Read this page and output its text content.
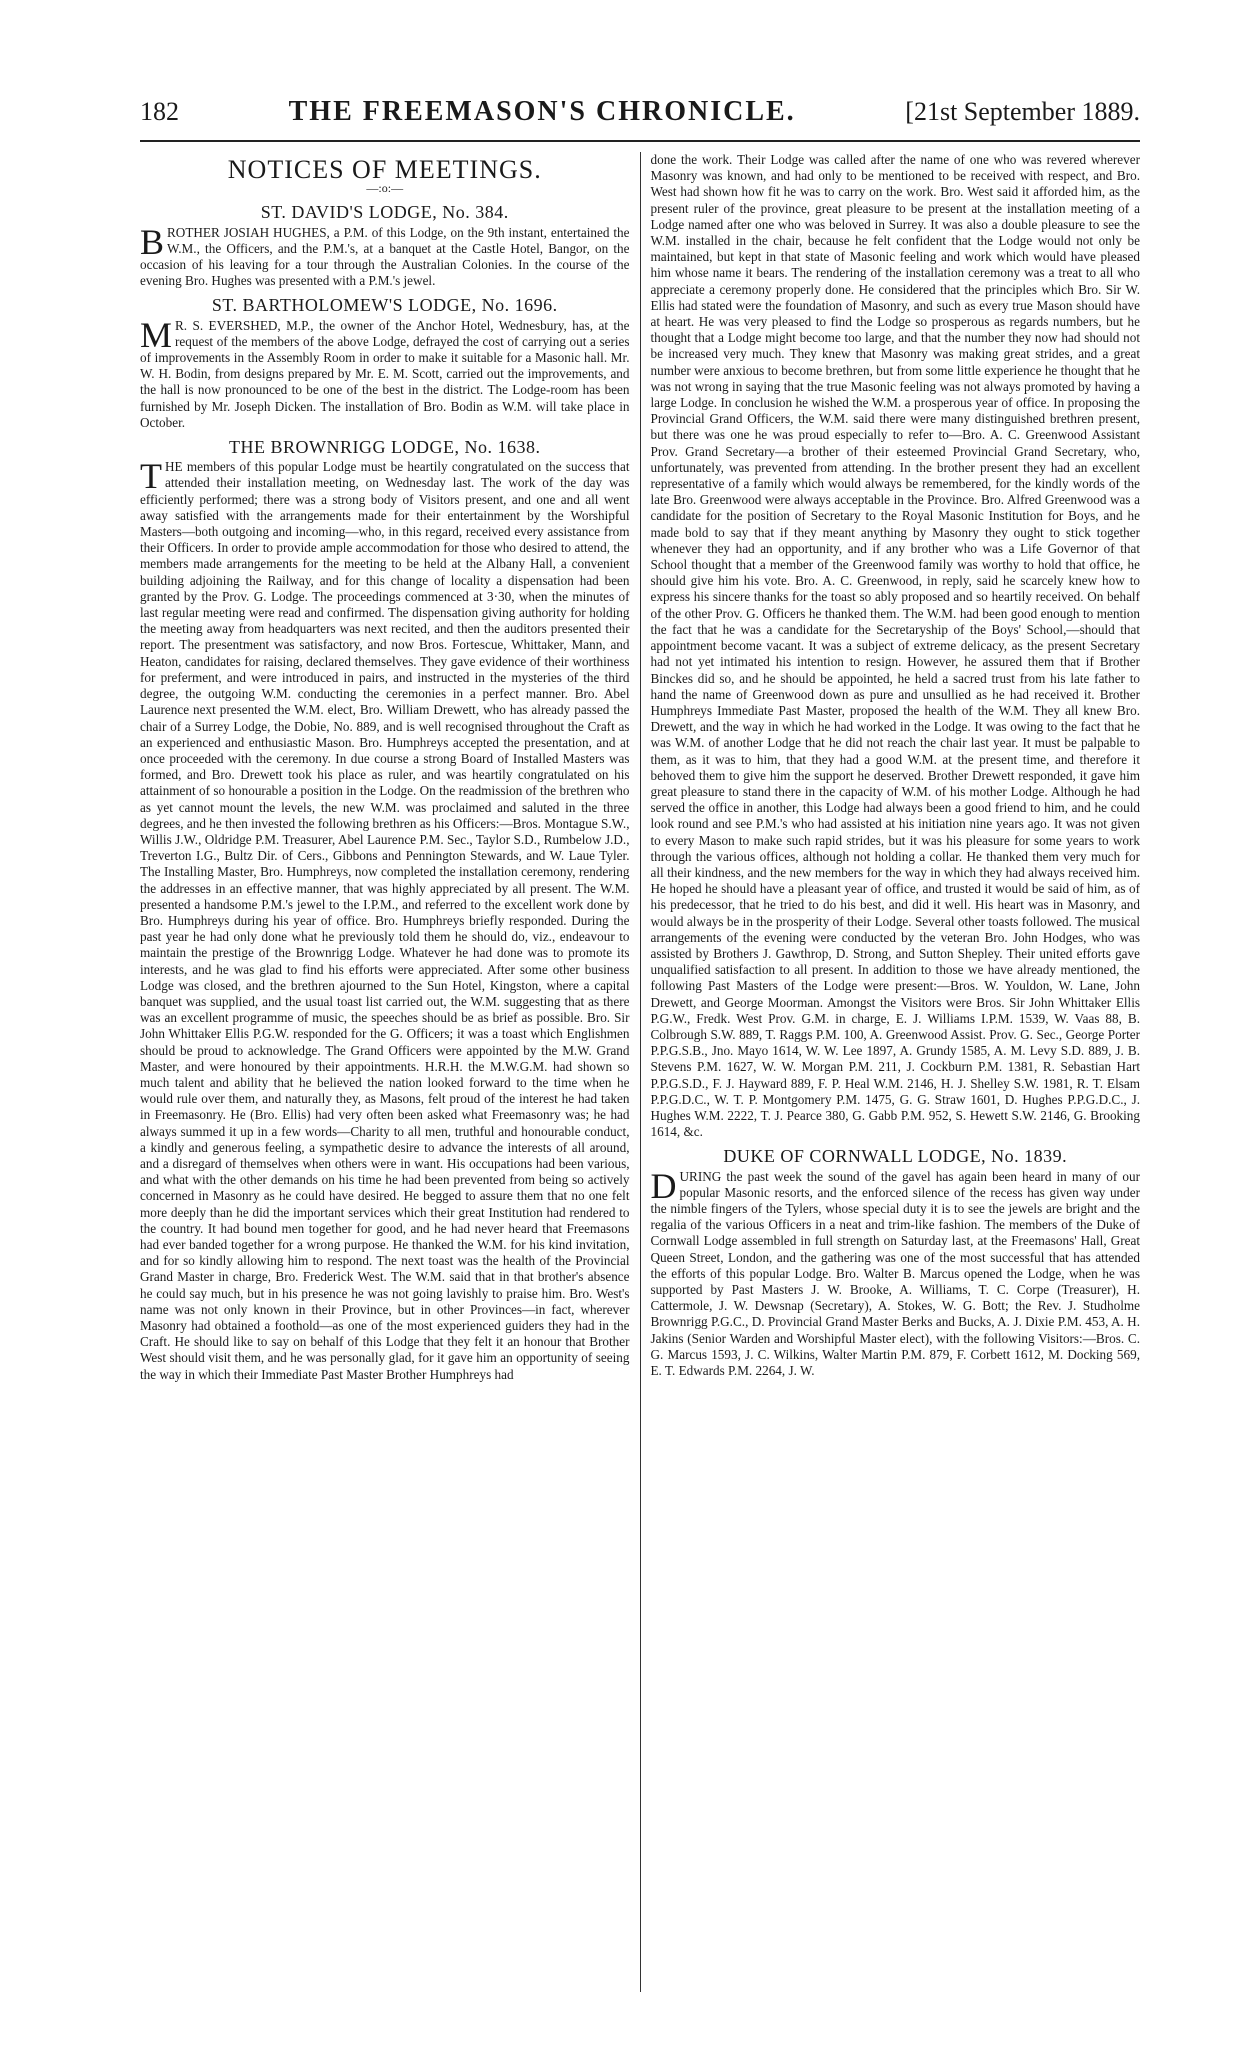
182	THE FREEMASON'S CHRONICLE.	[21st September 1889.
NOTICES OF MEETINGS.
—:o:—
ST. DAVID'S LODGE, No. 384.

BROTHER JOSIAH HUGHES, a P.M. of this Lodge, on the 9th instant, entertained the W.M., the Officers, and the P.M.'s, at a banquet at the Castle Hotel, Bangor, on the occasion of his leaving for a tour through the Australian Colonies. In the course of the evening Bro. Hughes was presented with a P.M.'s jewel.

ST. BARTHOLOMEW'S LODGE, No. 1696.

M R. S. EVERSHED, M.P., the owner of the Anchor Hotel, Wednesbury, has, at the request of the members of the above Lodge, defrayed the cost of carrying out a series of improvements in the Assembly Room in order to make it suitable for a Masonic hall. Mr. W. H. Bodin, from designs prepared by Mr. E. M. Scott, carried out the improvements, and the hall is now pronounced to be one of the best in the district. The Lodge-room has been furnished by Mr. Joseph Dicken. The installation of Bro. Bodin as W.M. will take place in October.

THE BROWNRIGG LODGE, No. 1638.

THE members of this popular Lodge must be heartily congratulated on the success that attended their installation meeting, on Wednesday last. The work of the day was efficiently performed; there was a strong body of Visitors present, and one and all went away satisfied with the arrangements made for their entertainment by the Worshipful Masters—both outgoing and incoming—who, in this regard, received every assistance from their Officers. In order to provide ample accommodation for those who desired to attend, the members made arrangements for the meeting to be held at the Albany Hall, a convenient building adjoining the Railway, and for this change of locality a dispensation had been granted by the Prov. G. Lodge. The proceedings commenced at 3·30, when the minutes of last regular meeting were read and confirmed. The dispensation giving authority for holding the meeting away from headquarters was next recited, and then the auditors presented their report. The presentment was satisfactory, and now Bros. Fortescue, Whittaker, Mann, and Heaton, candidates for raising, declared themselves. They gave evidence of their worthiness for preferment, and were introduced in pairs, and instructed in the mysteries of the third degree, the outgoing W.M. conducting the ceremonies in a perfect manner. Bro. Abel Laurence next presented the W.M. elect, Bro. William Drewett, who has already passed the chair of a Surrey Lodge, the Dobie, No. 889, and is well recognised throughout the Craft as an experienced and enthusiastic Mason. Bro. Humphreys accepted the presentation, and at once proceeded with the ceremony. In due course a strong Board of Installed Masters was formed, and Bro. Drewett took his place as ruler, and was heartily congratulated on his attainment of so honourable a position in the Lodge. On the readmission of the brethren who as yet cannot mount the levels, the new W.M. was proclaimed and saluted in the three degrees, and he then invested the following brethren as his Officers:—Bros. Montague S.W., Willis J.W., Oldridge P.M. Treasurer, Abel Laurence P.M. Sec., Taylor S.D., Rumbelow J.D., Treverton I.G., Bultz Dir. of Cers., Gibbons and Pennington Stewards, and W. Laue Tyler. The Installing Master, Bro. Humphreys, now completed the installation ceremony, rendering the addresses in an effective manner, that was highly appreciated by all present. The W.M. presented a handsome P.M.'s jewel to the I.P.M., and referred to the excellent work done by Bro. Humphreys during his year of office. Bro. Humphreys briefly responded. During the past year he had only done what he previously told them he should do, viz., endeavour to maintain the prestige of the Brownrigg Lodge. Whatever he had done was to promote its interests, and he was glad to find his efforts were appreciated. After some other business Lodge was closed, and the brethren ajourned to the Sun Hotel, Kingston, where a capital banquet was supplied, and the usual toast list carried out, the W.M. suggesting that as there was an excellent programme of music, the speeches should be as brief as possible. Bro. Sir John Whittaker Ellis P.G.W. responded for the G. Officers; it was a toast which Englishmen should be proud to acknowledge. The Grand Officers were appointed by the M.W. Grand Master, and were honoured by their appointments. H.R.H. the M.W.G.M. had shown so much talent and ability that he believed the nation looked forward to the time when he would rule over them, and naturally they, as Masons, felt proud of the interest he had taken in Freemasonry. He (Bro. Ellis) had very often been asked what Freemasonry was; he had always summed it up in a few words—Charity to all men, truthful and honourable conduct, a kindly and generous feeling, a sympathetic desire to advance the interests of all around, and a disregard of themselves when others were in want. His occupations had been various, and what with the other demands on his time he had been prevented from being so actively concerned in Masonry as he could have desired. He begged to assure them that no one felt more deeply than he did the important services which their great Institution had rendered to the country. It had bound men together for good, and he had never heard that Freemasons had ever banded together for a wrong purpose. He thanked the W.M. for his kind invitation, and for so kindly allowing him to respond. The next toast was the health of the Provincial Grand Master in charge, Bro. Frederick West. The W.M. said that in that brother's absence he could say much, but in his presence he was not going lavishly to praise him. Bro. West's name was not only known in their Province, but in other Provinces—in fact, wherever Masonry had obtained a foothold—as one of the most experienced guiders they had in the Craft. He should like to say on behalf of this Lodge that they felt it an honour that Brother West should visit them, and he was personally glad, for it gave him an opportunity of seeing the way in which their Immediate Past Master Brother Humphreys had

done the work. Their Lodge was called after the name of one who was revered wherever Masonry was known, and had only to be mentioned to be received with respect, and Bro. West had shown how fit he was to carry on the work. Bro. West said it afforded him, as the present ruler of the province, great pleasure to be present at the installation meeting of a Lodge named after one who was beloved in Surrey. It was also a double pleasure to see the W.M. installed in the chair, because he felt confident that the Lodge would not only be maintained, but kept in that state of Masonic feeling and work which would have pleased him whose name it bears. The rendering of the installation ceremony was a treat to all who appreciate a ceremony properly done. He considered that the principles which Bro. Sir W. Ellis had stated were the foundation of Masonry, and such as every true Mason should have at heart. He was very pleased to find the Lodge so prosperous as regards numbers, but he thought that a Lodge might become too large, and that the number they now had should not be increased very much. They knew that Masonry was making great strides, and a great number were anxious to become brethren, but from some little experience he thought that he was not wrong in saying that the true Masonic feeling was not always promoted by having a large Lodge. In conclusion he wished the W.M. a prosperous year of office. In proposing the Provincial Grand Officers, the W.M. said there were many distinguished brethren present, but there was one he was proud especially to refer to—Bro. A. C. Greenwood Assistant Prov. Grand Secretary—a brother of their esteemed Provincial Grand Secretary, who, unfortunately, was prevented from attending. In the brother present they had an excellent representative of a family which would always be remembered, for the kindly words of the late Bro. Greenwood were always acceptable in the Province. Bro. Alfred Greenwood was a candidate for the position of Secretary to the Royal Masonic Institution for Boys, and he made bold to say that if they meant anything by Masonry they ought to stick together whenever they had an opportunity, and if any brother who was a Life Governor of that School thought that a member of the Greenwood family was worthy to hold that office, he should give him his vote. Bro. A. C. Greenwood, in reply, said he scarcely knew how to express his sincere thanks for the toast so ably proposed and so heartily received. On behalf of the other Prov. G. Officers he thanked them. The W.M. had been good enough to mention the fact that he was a candidate for the Secretaryship of the Boys' School,—should that appointment become vacant. It was a subject of extreme delicacy, as the present Secretary had not yet intimated his intention to resign. However, he assured them that if Brother Binckes did so, and he should be appointed, he held a sacred trust from his late father to hand the name of Greenwood down as pure and unsullied as he had received it. Brother Humphreys Immediate Past Master, proposed the health of the W.M. They all knew Bro. Drewett, and the way in which he had worked in the Lodge. It was owing to the fact that he was W.M. of another Lodge that he did not reach the chair last year. It must be palpable to them, as it was to him, that they had a good W.M. at the present time, and therefore it behoved them to give him the support he deserved. Brother Drewett responded, it gave him great pleasure to stand there in the capacity of W.M. of his mother Lodge. Although he had served the office in another, this Lodge had always been a good friend to him, and he could look round and see P.M.'s who had assisted at his initiation nine years ago. It was not given to every Mason to make such rapid strides, but it was his pleasure for some years to work through the various offices, although not holding a collar. He thanked them very much for all their kindness, and the new members for the way in which they had always received him. He hoped he should have a pleasant year of office, and trusted it would be said of him, as of his predecessor, that he tried to do his best, and did it well. His heart was in Masonry, and would always be in the prosperity of their Lodge. Several other toasts followed. The musical arrangements of the evening were conducted by the veteran Bro. John Hodges, who was assisted by Brothers J. Gawthrop, D. Strong, and Sutton Shepley. Their united efforts gave unqualified satisfaction to all present. In addition to those we have already mentioned, the following Past Masters of the Lodge were present:—Bros. W. Youldon, W. Lane, John Drewett, and George Moorman. Amongst the Visitors were Bros. Sir John Whittaker Ellis P.G.W., Fredk. West Prov. G.M. in charge, E. J. Williams I.P.M. 1539, W. Vaas 88, B. Colbrough S.W. 889, T. Raggs P.M. 100, A. Greenwood Assist. Prov. G. Sec., George Porter P.P.G.S.B., Jno. Mayo 1614, W. W. Lee 1897, A. Grundy 1585, A. M. Levy S.D. 889, J. B. Stevens P.M. 1627, W. W. Morgan P.M. 211, J. Cockburn P.M. 1381, R. Sebastian Hart P.P.G.S.D., F. J. Hayward 889, F. P. Heal W.M. 2146, H. J. Shelley S.W. 1981, R. T. Elsam P.P.G.D.C., W. T. P. Montgomery P.M. 1475, G. G. Straw 1601, D. Hughes P.P.G.D.C., J. Hughes W.M. 2222, T. J. Pearce 380, G. Gabb P.M. 952, S. Hewett S.W. 2146, G. Brooking 1614, &c.

DUKE OF CORNWALL LODGE, No. 1839.

DURING the past week the sound of the gavel has again been heard in many of our popular Masonic resorts, and the enforced silence of the recess has given way under the nimble fingers of the Tylers, whose special duty it is to see the jewels are bright and the regalia of the various Officers in a neat and trim-like fashion. The members of the Duke of Cornwall Lodge assembled in full strength on Saturday last, at the Freemasons' Hall, Great Queen Street, London, and the gathering was one of the most successful that has attended the efforts of this popular Lodge. Bro. Walter B. Marcus opened the Lodge, when he was supported by Past Masters J. W. Brooke, A. Williams, T. C. Corpe (Treasurer), H. Cattermole, J. W. Dewsnap (Secretary), A. Stokes, W. G. Bott; the Rev. J. Studholme Brownrigg P.G.C., D. Provincial Grand Master Berks and Bucks, A. J. Dixie P.M. 453, A. H. Jakins (Senior Warden and Worshipful Master elect), with the following Visitors:—Bros. C. G. Marcus 1593, J. C. Wilkins, Walter Martin P.M. 879, F. Corbett 1612, M. Docking 569, E. T. Edwards P.M. 2264, J. W.
